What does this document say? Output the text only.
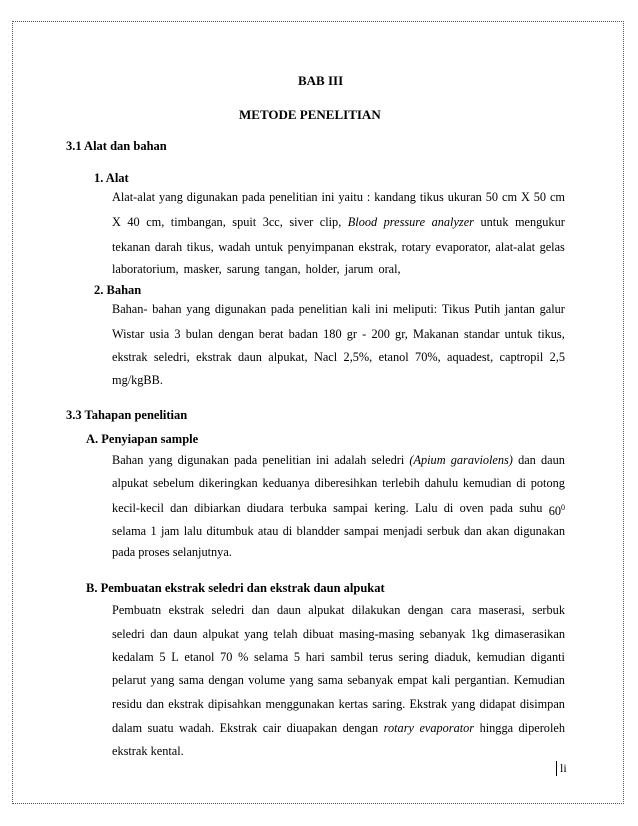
BAB III
METODE PENELITIAN
3.1 Alat dan bahan
1. Alat
Alat-alat yang digunakan pada penelitian ini yaitu : kandang tikus ukuran 50 cm X 50 cm
X 40 cm, timbangan, spuit 3cc, siver clip, Blood pressure analyzer untuk mengukur
tekanan darah tikus, wadah untuk penyimpanan ekstrak, rotary evaporator, alat-alat gelas
laboratorium, masker, sarung tangan, holder, jarum oral,
2. Bahan
Bahan- bahan yang digunakan pada penelitian kali ini meliputi: Tikus Putih jantan galur
Wistar usia 3 bulan dengan berat badan 180 gr - 200 gr, Makanan standar untuk tikus,
ekstrak seledri, ekstrak daun alpukat, Nacl 2,5%, etanol 70%, aquadest, captropil 2,5
mg/kgBB.
3.3 Tahapan penelitian
A. Penyiapan sample
Bahan yang digunakan pada penelitian ini adalah seledri (Apium garaviolens) dan daun
alpukat sebelum dikeringkan keduanya diberesihkan terlebih dahulu kemudian di potong
kecil-kecil dan dibiarkan diudara terbuka sampai kering. Lalu di oven pada suhu $60^0$
selama 1 jam lalu ditumbuk atau di blandder sampai menjadi serbuk dan akan digunakan
pada proses selanjutnya.
B. Pembuatan ekstrak seledri dan ekstrak daun alpukat
Pembuatn ekstrak seledri dan daun alpukat dilakukan dengan cara maserasi, serbuk
seledri dan daun alpukat yang telah dibuat masing-masing sebanyak 1kg dimaserasikan
kedalam 5 L etanol 70 % selama 5 hari sambil terus sering diaduk, kemudian diganti
pelarut yang sama dengan volume yang sama sebanyak empat kali pergantian. Kemudian
residu dan ekstrak dipisahkan menggunakan kertas saring. Ekstrak yang didapat disimpan
dalam suatu wadah. Ekstrak cair diuapakan dengan rotary evaporator hingga diperoleh
ekstrak kental.
li
